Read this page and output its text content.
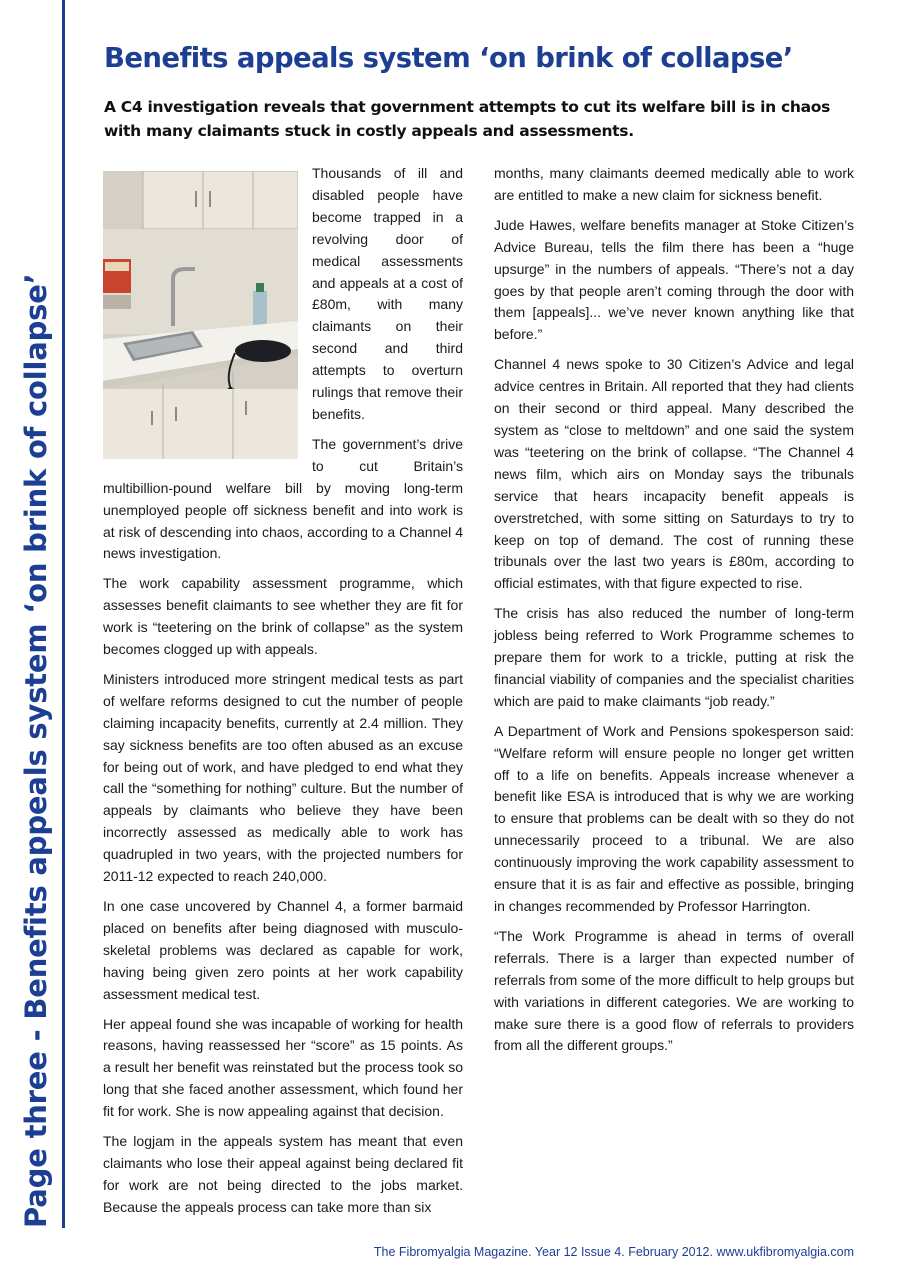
Page three - Benefits appeals system ‘on brink of collapse’
Benefits appeals system ‘on brink of collapse’

A C4 investigation reveals that government attempts to cut its welfare bill is in chaos with many claimants stuck in costly appeals and assessments.

Thousands of ill and disabled people have become trapped in a revolving door of medical assessments and appeals at a cost of £80m, with many claimants on their second and third attempts to overturn rulings that remove their benefits.

The government’s drive to cut Britain’s multibillion-pound welfare bill by moving long-term unemployed people off sickness benefit and into work is at risk of descending into chaos, according to a Channel 4 news investigation.

The work capability assessment programme, which assesses benefit claimants to see whether they are fit for work is “teetering on the brink of collapse” as the system becomes clogged up with appeals.

Ministers introduced more stringent medical tests as part of welfare reforms designed to cut the number of people claiming incapacity benefits, currently at 2.4 million. They say sickness benefits are too often abused as an excuse for being out of work, and have pledged to end what they call the “something for nothing” culture. But the number of appeals by claimants who believe they have been incorrectly assessed as medically able to work has quadrupled in two years, with the projected numbers for 2011-12 expected to reach 240,000.

In one case uncovered by Channel 4, a former barmaid placed on benefits after being diagnosed with musculo-skeletal problems was declared as capable for work, having being given zero points at her work capability assessment medical test.

Her appeal found she was incapable of working for health reasons, having reassessed her “score” as 15 points. As a result her benefit was reinstated but the process took so long that she faced another assessment, which found her fit for work. She is now appealing against that decision.

The logjam in the appeals system has meant that even claimants who lose their appeal against being declared fit for work are not being directed to the jobs market. Because the appeals process can take more than six

months, many claimants deemed medically able to work are entitled to make a new claim for sickness benefit.

Jude Hawes, welfare benefits manager at Stoke Citizen’s Advice Bureau, tells the film there has been a “huge upsurge” in the numbers of appeals. “There’s not a day goes by that people aren’t coming through the door with them [appeals]... we’ve never known anything like that before.”

Channel 4 news spoke to 30 Citizen’s Advice and legal advice centres in Britain. All reported that they had clients on their second or third appeal. Many described the system as “close to meltdown” and one said the system was “teetering on the brink of collapse. “The Channel 4 news film, which airs on Monday says the tribunals service that hears incapacity benefit appeals is overstretched, with some sitting on Saturdays to try to keep on top of demand. The cost of running these tribunals over the last two years is £80m, according to official estimates, with that figure expected to rise.

The crisis has also reduced the number of long-term jobless being referred to Work Programme schemes to prepare them for work to a trickle, putting at risk the financial viability of companies and the specialist charities which are paid to make claimants “job ready.”

A Department of Work and Pensions spokesperson said: “Welfare reform will ensure people no longer get written off to a life on benefits. Appeals increase whenever a benefit like ESA is introduced that is why we are working to ensure that problems can be dealt with so they do not unnecessarily proceed to a tribunal. We are also continuously improving the work capability assessment to ensure that it is as fair and effective as possible, bringing in changes recommended by Professor Harrington.

“The Work Programme is ahead in terms of overall referrals. There is a larger than expected number of referrals from some of the more difficult to help groups but with variations in different categories. We are working to make sure there is a good flow of referrals to providers from all the different groups.”

The Fibromyalgia Magazine. Year 12 Issue 4. February 2012. www.ukfibromyalgia.com
